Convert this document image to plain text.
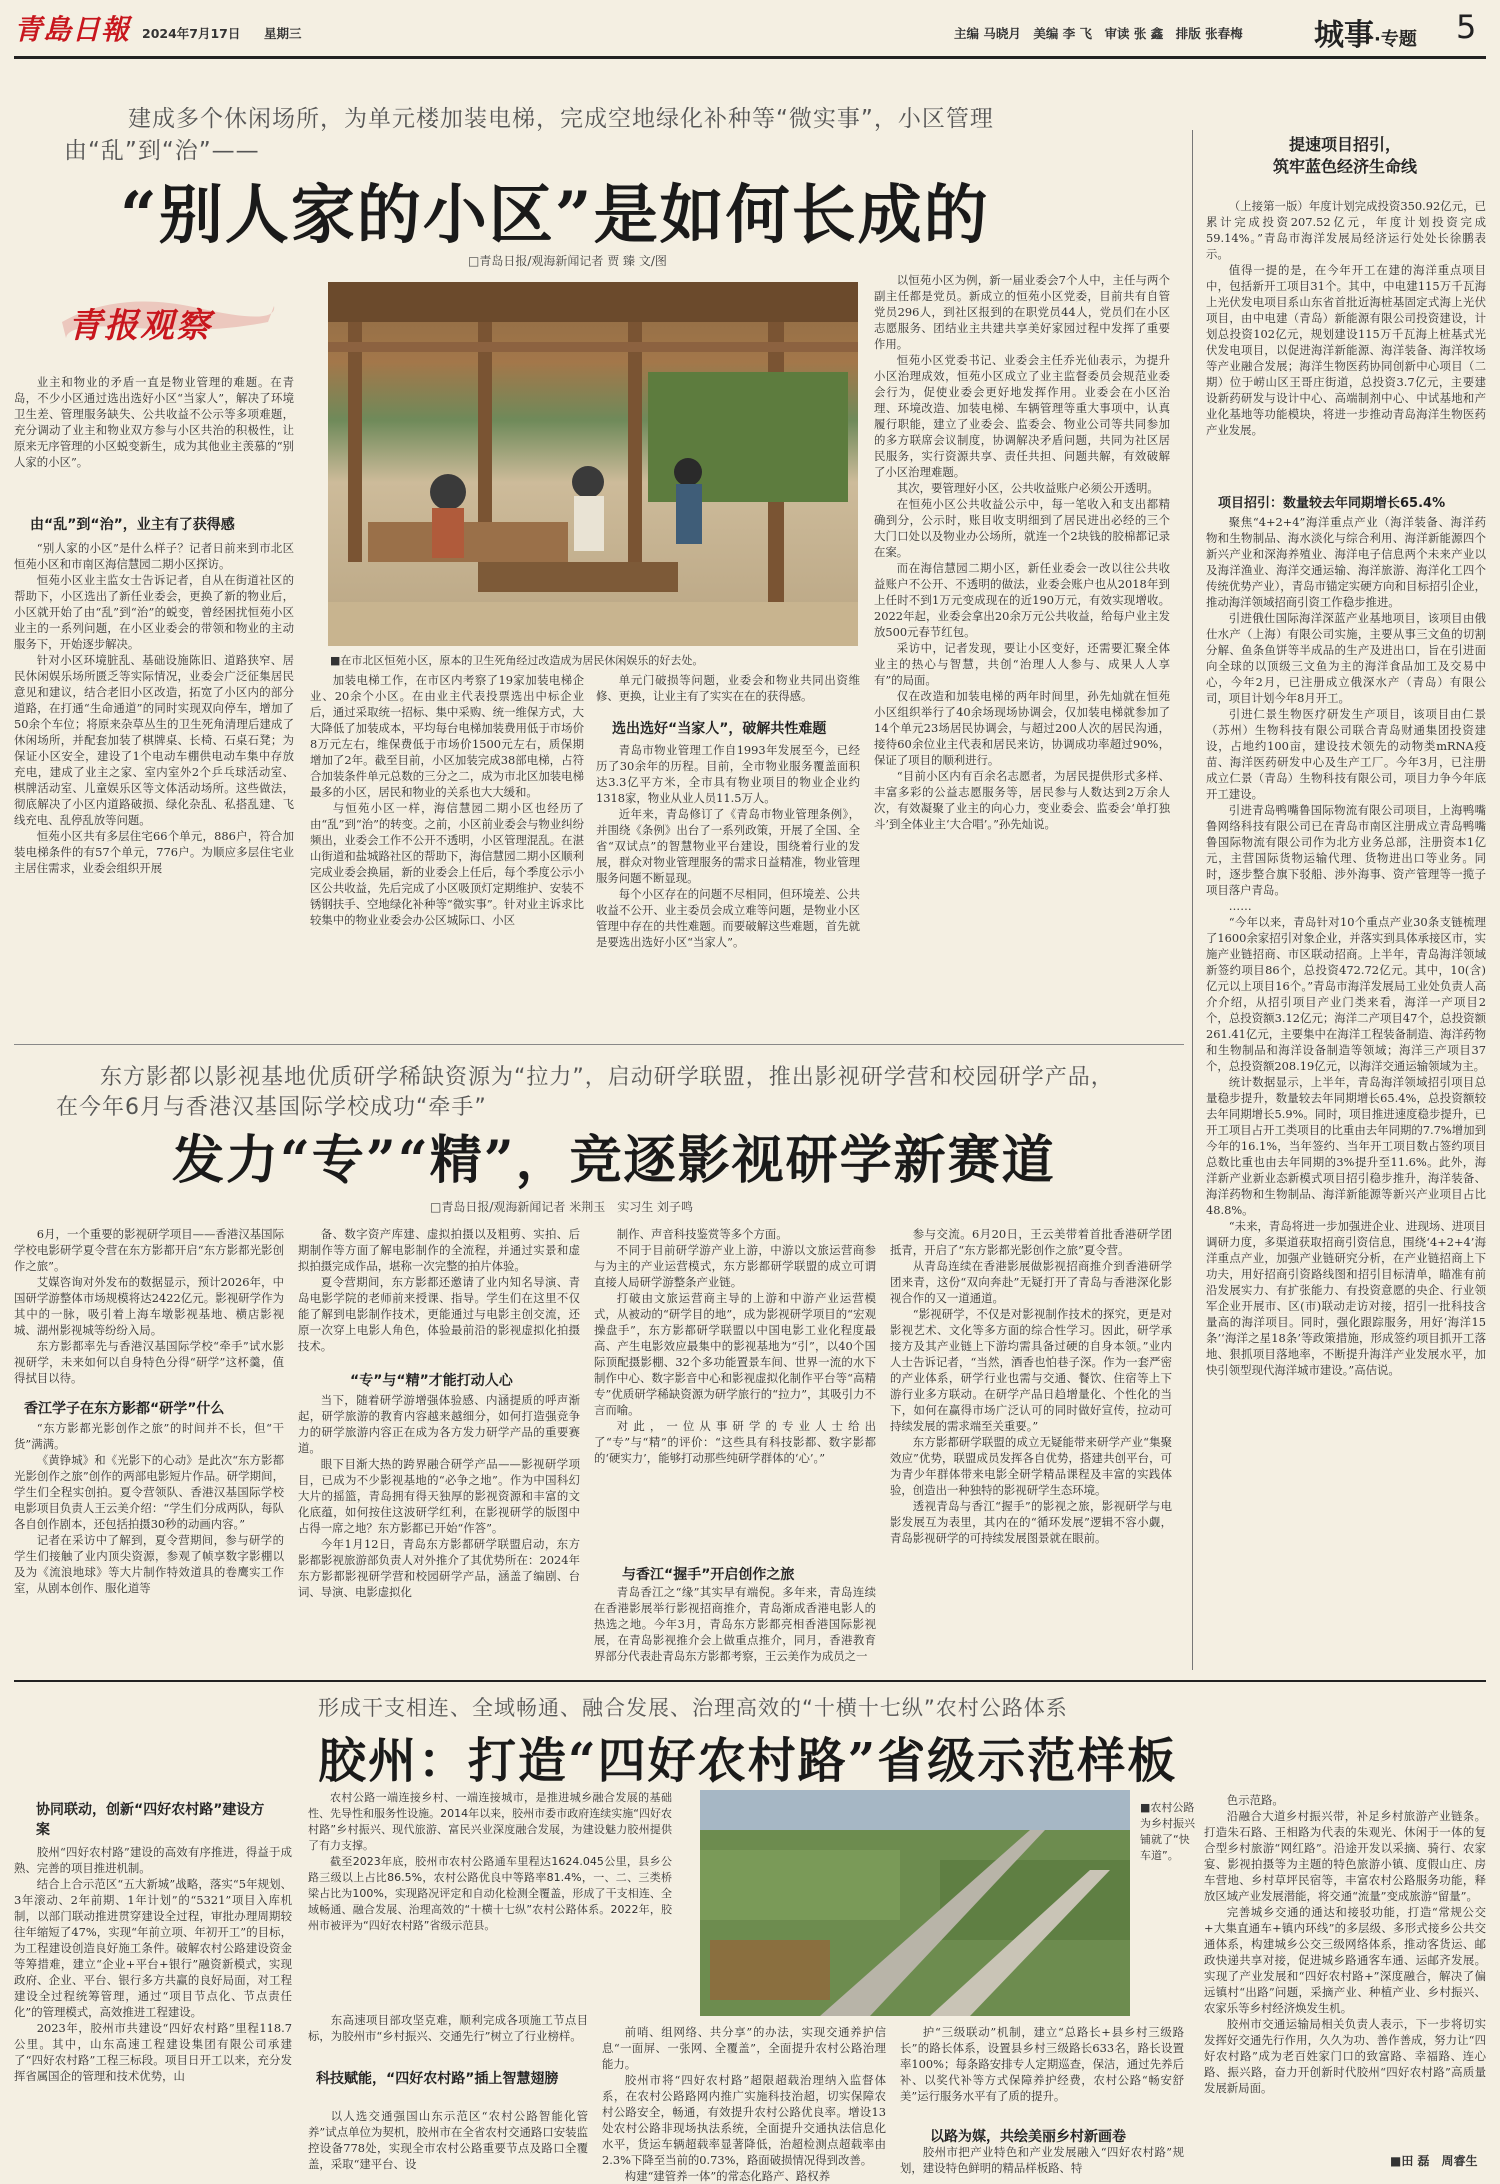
青島日報 2024年7月17日 星期三	主编 马晓月　美编 李 飞　审读 张 鑫　排版 张春梅 城事·专题 5
建成多个休闲场所，为单元楼加装电梯，完成空地绿化补种等“微实事”，小区管理
由“乱”到“治”——
“别人家的小区”是如何长成的
□青岛日报/观海新闻记者 贾 臻 文/图
青报观察

业主和物业的矛盾一直是物业管理的难题。在青岛，不少小区通过选出选好小区“当家人”，解决了环境卫生差、管理服务缺失、公共收益不公示等多项难题，充分调动了业主和物业双方参与小区共治的积极性，让原来无序管理的小区蜕变新生，成为其他业主羡慕的“别人家的小区”。

由“乱”到“治”，业主有了获得感

“别人家的小区”是什么样子？记者日前来到市北区恒苑小区和市南区海信慧园二期小区探访。

恒苑小区业主监女士告诉记者，自从在街道社区的帮助下，小区选出了新任业委会，更换了新的物业后，小区就开始了由“乱”到“治”的蜕变，曾经困扰恒苑小区业主的一系列问题，在小区业委会的带领和物业的主动服务下，开始逐步解决。

针对小区环境脏乱、基础设施陈旧、道路狭窄、居民休闲娱乐场所匮乏等实际情况，业委会广泛征集居民意见和建议，结合老旧小区改造，拓宽了小区内的部分道路，在打通“生命通道”的同时实现双向停车，增加了50余个车位；将原来杂草丛生的卫生死角清理后建成了休闲场所，并配套加装了棋牌桌、长椅、石桌石凳；为保证小区安全，建设了1个电动车棚供电动车集中存放充电，建成了业主之家、室内室外2个乒乓球活动室、棋牌活动室、儿童娱乐区等文体活动场所。这些做法，彻底解决了小区内道路破损、绿化杂乱、私搭乱建、飞线充电、乱停乱放等问题。

恒苑小区共有多层住宅66个单元，886户，符合加装电梯条件的有57个单元，776户。为顺应多层住宅业主居住需求，业委会组织开展

■在市北区恒苑小区，原本的卫生死角经过改造成为居民休闲娱乐的好去处。

加装电梯工作，在市区内考察了19家加装电梯企业、20余个小区。在由业主代表投票选出中标企业后，通过采取统一招标、集中采购、统一维保方式，大大降低了加装成本，平均每台电梯加装费用低于市场价8万元左右，维保费低于市场价1500元左右，质保期增加了2年。截至目前，小区加装完成38部电梯，占符合加装条件单元总数的三分之二，成为市北区加装电梯最多的小区，居民和物业的关系也大大缓和。

与恒苑小区一样，海信慧园二期小区也经历了由“乱”到“治”的转变。之前，小区前业委会与物业纠纷频出，业委会工作不公开不透明，小区管理混乱。在湛山街道和盐城路社区的帮助下，海信慧园二期小区顺利完成业委会换届，新的业委会上任后，每个季度公示小区公共收益，先后完成了小区吸顶灯定期维护、安装不锈钢扶手、空地绿化补种等“微实事”。针对业主诉求比较集中的物业业委会办公区城际口、小区

单元门破损等问题，业委会和物业共同出资维修、更换，让业主有了实实在在的获得感。

选出选好“当家人”，破解共性难题

青岛市物业管理工作自1993年发展至今，已经历了30余年的历程。目前，全市物业服务覆盖面积达3.3亿平方米，全市具有物业项目的物业企业约1318家，物业从业人员11.5万人。

近年来，青岛修订了《青岛市物业管理条例》，并围绕《条例》出台了一系列政策，开展了全国、全省“双试点”的智慧物业平台建设，围绕着行业的发展，群众对物业管理服务的需求日益精准，物业管理服务问题不断显现。

每个小区存在的问题不尽相同，但环境差、公共收益不公开、业主委员会成立难等问题，是物业小区管理中存在的共性难题。而要破解这些难题，首先就是要选出选好小区“当家人”。

以恒苑小区为例，新一届业委会7个人中，主任与两个副主任都是党员。新成立的恒苑小区党委，目前共有自管党员296人，到社区报到的在职党员44人，党员们在小区志愿服务、团结业主共建共享美好家园过程中发挥了重要作用。

恒苑小区党委书记、业委会主任乔光仙表示，为提升小区治理成效，恒苑小区成立了业主监督委员会规范业委会行为，促使业委会更好地发挥作用。业委会在小区治理、环境改造、加装电梯、车辆管理等重大事项中，认真履行职能，建立了业委会、监委会、物业公司等共同参加的多方联席会议制度，协调解决矛盾问题，共同为社区居民服务，实行资源共享、责任共担、问题共解，有效破解了小区治理难题。

其次，要管理好小区，公共收益账户必须公开透明。

在恒苑小区公共收益公示中，每一笔收入和支出都精确到分，公示时，账目收支明细到了居民进出必经的三个大门口处以及物业办公场所，就连一个2块钱的胶棉都记录在案。

而在海信慧园二期小区，新任业委会一改以往公共收益账户不公开、不透明的做法，业委会账户也从2018年到上任时不到1万元变成现在的近190万元，有效实现增收。2022年起，业委会拿出20余万元公共收益，给每户业主发放500元春节红包。

采访中，记者发现，要让小区变好，还需要汇聚全体业主的热心与智慧，共创“治理人人参与、成果人人享有”的局面。

仅在改造和加装电梯的两年时间里，孙先灿就在恒苑小区组织举行了40余场现场协调会，仅加装电梯就参加了14个单元23场居民协调会，与超过200人次的居民沟通，接待60余位业主代表和居民来访，协调成功率超过90%，保证了项目的顺利进行。

“目前小区内有百余名志愿者，为居民提供形式多样、丰富多彩的公益志愿服务等，居民参与人数达到2万余人次，有效凝聚了业主的向心力，变业委会、监委会‘单打独斗’到全体业主‘大合唱’。”孙先灿说。

东方影都以影视基地优质研学稀缺资源为“拉力”，启动研学联盟，推出影视研学营和校园研学产品，
在今年6月与香港汉基国际学校成功“牵手”
发力“专”“精”，竞逐影视研学新赛道
□青岛日报/观海新闻记者 米荆玉　实习生 刘子鸣

6月，一个重要的影视研学项目——香港汉基国际学校电影研学夏令营在东方影都开启“东方影都光影创作之旅”。

艾媒咨询对外发布的数据显示，预计2026年，中国研学游整体市场规模将达2422亿元。影视研学作为其中的一脉，吸引着上海车墩影视基地、横店影视城、湖州影视城等纷纷入局。

东方影都率先与香港汉基国际学校“牵手”试水影视研学，未来如何以自身特色分得“研学”这杯羹，值得拭目以待。

香江学子在东方影都“研学”什么

“东方影都光影创作之旅”的时间并不长，但“干货”满满。

《黄铮城》和《光影下的心动》是此次“东方影都光影创作之旅”创作的两部电影短片作品。研学期间，学生们全程实创拍。夏令营领队、香港汉基国际学校电影项目负责人王云美介绍：“学生们分成两队，每队各自创作剧本，还包括拍摄30秒的动画内容。”

记者在采访中了解到，夏令营期间，参与研学的学生们接触了业内顶尖资源，参观了帧享数字影棚以及为《流浪地球》等大片制作特效道具的卷鹰实工作室，从剧本创作、服化道等

备、数字资产库建、虚拟拍摄以及粗剪、实拍、后期制作等方面了解电影制作的全流程，并通过实景和虚拟拍摄完成作品，堪称一次完整的拍片体验。

夏令营期间，东方影都还邀请了业内知名导演、青岛电影学院的老师前来授课、指导。学生们在这里不仅能了解到电影制作技术，更能通过与电影主创交流，还原一次穿上电影人角色，体验最前沿的影视虚拟化拍摄技术。

“专”与“精”才能打动人心

当下，随着研学游增强体验感、内涵提质的呼声渐起，研学旅游的教育内容越来越细分，如何打造强竞争力的研学旅游内容正在成为各方发力研学产品的重要赛道。

眼下目渐大热的跨界融合研学产品——影视研学项目，已成为不少影视基地的“必争之地”。作为中国科幻大片的摇篮，青岛拥有得天独厚的影视资源和丰富的文化底蕴，如何按住这波研学红利，在影视研学的版图中占得一席之地？东方影都已开始“作答”。

今年1月12日，青岛东方影都研学联盟启动，东方影都影视旅游部负责人对外推介了其优势所在：2024年东方影都影视研学营和校园研学产品，涵盖了编剧、台词、导演、电影虚拟化

制作、声音科技鉴赏等多个方面。

不同于目前研学游产业上游，中游以文旅运营商参与为主的产业运营模式，东方影都研学联盟的成立可谓直接人局研学游整条产业链。

打破由文旅运营商主导的上游和中游产业运营模式，从被动的“研学目的地”，成为影视研学项目的“宏观操盘手”，东方影都研学联盟以中国电影工业化程度最高、产生电影效应最集中的影视基地为“引”，以40个国际顶配摄影棚、32个多功能置景车间、世界一流的水下制作中心、数字影音中心和影视虚拟化制作平台等“高精专”优质研学稀缺资源为研学旅行的“拉力”，其吸引力不言而喻。

对此，一位从事研学的专业人士给出了“专”与“精”的评价：“这些具有科技影都、数字影都的‘硬实力’，能够打动那些纯研学群体的‘心’。”

与香江“握手”开启创作之旅

青岛香江之“缘”其实早有端倪。多年来，青岛连续在香港影展举行影视招商推介，青岛渐成香港电影人的热选之地。今年3月，青岛东方影都亮相香港国际影视展，在青岛影视推介会上做重点推介，同月，香港教育界部分代表赴青岛东方影都考察，王云美作为成员之一

参与交流。6月20日，王云美带着首批香港研学团抵青，开启了“东方影都光影创作之旅”夏令营。

从青岛连续在香港影展做影视招商推介到香港研学团来青，这份“双向奔赴”无疑打开了青岛与香港深化影视合作的又一道通道。

“影视研学，不仅是对影视制作技术的探究，更是对影视艺术、文化等多方面的综合性学习。因此，研学承接方及其产业链上下游均需具备过硬的自身本领。”业内人士告诉记者，“当然，酒香也怕巷子深。作为一套严密的产业体系，研学行业也需与交通、餐饮、住宿等上下游行业多方联动。在研学产品日趋增量化、个性化的当下，如何在赢得市场广泛认可的同时做好宣传，拉动可持续发展的需求端至关重要。”

东方影都研学联盟的成立无疑能带来研学产业“集聚效应”优势，联盟成员发挥各自优势，搭建共创平台，可为青少年群体带来电影全研学精品课程及丰富的实践体验，创造出一种独特的影视研学生态环境。

透视青岛与香江“握手”的影视之旅，影视研学与电影发展互为表里，其内在的“循环发展”逻辑不容小觑，青岛影视研学的可持续发展图景就在眼前。

提速项目招引，
筑牢蓝色经济生命线

（上接第一版）年度计划完成投资350.92亿元，已累计完成投资207.52亿元，年度计划投资完成59.14%。”青岛市海洋发展局经济运行处处长徐鹏表示。

值得一提的是，在今年开工在建的海洋重点项目中，包括新开工项目31个。其中，中电建115万千瓦海上光伏发电项目系山东省首批近海桩基固定式海上光伏项目，由中电建（青岛）新能源有限公司投资建设，计划总投资102亿元，规划建设115万千瓦海上桩基式光伏发电项目，以促进海洋新能源、海洋装备、海洋牧场等产业融合发展；海洋生物医药协同创新中心项目（二期）位于崂山区王哥庄街道，总投资3.7亿元，主要建设新药研发与设计中心、高端制剂中心、中试基地和产业化基地等功能模块，将进一步推动青岛海洋生物医药产业发展。

项目招引：数量较去年同期增长65.4%

聚焦“4+2+4”海洋重点产业（海洋装备、海洋药物和生物制品、海水淡化与综合利用、海洋新能源四个新兴产业和深海养殖业、海洋电子信息两个未来产业以及海洋渔业、海洋交通运输、海洋旅游、海洋化工四个传统优势产业），青岛市锚定实硬方向和目标招引企业，推动海洋领域招商引资工作稳步推进。

引进俄仕国际海洋深蓝产业基地项目，该项目由俄仕水产（上海）有限公司实施，主要从事三文鱼的切割分解、鱼条鱼饼等半成品的生产及进出口，旨在引进面向全球的以顶级三文鱼为主的海洋食品加工及交易中心，今年2月，已注册成立俄深水产（青岛）有限公司，项目计划今年8月开工。

引进仁景生物医疗研发生产项目，该项目由仁景（苏州）生物科技有限公司联合青岛财通集团投资建设，占地约100亩，建设技术领先的动物类mRNA疫苗、海洋医药研发中心及生产工厂。今年3月，已注册成立仁景（青岛）生物科技有限公司，项目力争今年底开工建设。

引进青岛鸭嘴鲁国际物流有限公司项目，上海鸭嘴鲁网络科技有限公司已在青岛市南区注册成立青岛鸭嘴鲁国际物流有限公司作为北方业务总部，注册资本1亿元，主营国际货物运输代理、货物进出口等业务。同时，逐步整合旗下驳船、涉外海事、资产管理等一揽子项目落户青岛。

……

“今年以来，青岛针对10个重点产业30条支链梳理了1600余家招引对象企业，并落实到具体承接区市，实施产业链招商、市区联动招商。上半年，青岛海洋领域新签约项目86个，总投资472.72亿元。其中，10(含)亿元以上项目16个。”青岛市海洋发展局工业处负责人高介介绍，从招引项目产业门类来看，海洋一产项目2个，总投资额3.12亿元；海洋二产项目47个，总投资额261.41亿元，主要集中在海洋工程装备制造、海洋药物和生物制品和海洋设备制造等领域；海洋三产项目37个，总投资额208.19亿元，以海洋交通运输领域为主。

统计数据显示，上半年，青岛海洋领域招引项目总量稳步提升，数量较去年同期增长65.4%，总投资额较去年同期增长5.9%。同时，项目推进速度稳步提升，已开工项目占开工类项目的比重由去年同期的7.7%增加到今年的16.1%，当年签约、当年开工项目数占签约项目总数比重也由去年同期的3%提升至11.6%。此外，海洋新产业新业态新模式项目招引稳步推升，海洋装备、海洋药物和生物制品、海洋新能源等新兴产业项目占比48.8%。

“未来，青岛将进一步加强进企业、进现场、进项目调研力度，多渠道获取招商引资信息，围绕‘4+2+4’海洋重点产业，加强产业链研究分析，在产业链招商上下功夫，用好招商引资路线图和招引目标清单，瞄准有前沿发展实力、有扩张能力、有投资意愿的央企、行业领军企业开展市、区(市)联动走访对接，招引一批科技含量高的海洋项目。同时，强化跟踪服务，用好‘海洋15条’‘海洋之星18条’等政策措施，形成签约项目抓开工落地、狠抓项目落地率，不断提升海洋产业发展水平，加快引领型现代海洋城市建设。”高佶说。

形成干支相连、全域畅通、融合发展、治理高效的“十横十七纵”农村公路体系
胶州：打造“四好农村路”省级示范样板
协同联动，创新“四好农村路”建设方案

胶州“四好农村路”建设的高效有序推进，得益于成熟、完善的项目推进机制。

结合上合示范区“五大新城”战略，落实“5年规划、3年滚动、2年前期、1年计划”的“5321”项目入库机制，以部门联动推进贯穿建设全过程，审批办理周期较往年缩短了47%，实现“年前立项、年初开工”的目标，为工程建设创造良好施工条件。破解农村公路建设资金等筹措难，建立“企业+平台+银行”融资新模式，实现政府、企业、平台、银行多方共赢的良好局面，对工程建设全过程统筹管理，通过“项目节点化、节点责任化”的管理模式，高效推进工程建设。

2023年，胶州市共建设“四好农村路”里程118.7公里。其中，山东高速工程建设集团有限公司承建了“四好农村路”工程三标段。项目日开工以来，充分发挥省属国企的管理和技术优势，山

农村公路一端连接乡村、一端连接城市，是推进城乡融合发展的基础性、先导性和服务性设施。2014年以来，胶州市委市政府连续实施“四好农村路”乡村振兴、现代旅游、富民兴业深度融合发展，为建设魅力胶州提供了有力支撑。

截至2023年底，胶州市农村公路通车里程达1624.045公里，县乡公路三级以上占比86.5%，农村公路优良中等路率81.4%，一、二、三类桥梁占比为100%，实现路况评定和自动化检测全覆盖，形成了干支相连、全域畅通、融合发展、治理高效的“十横十七纵”农村公路体系。2022年，胶州市被评为“四好农村路”省级示范县。

■农村公路为乡村振兴铺就了“快车道”。

东高速项目部攻坚克难，顺利完成各项施工节点目标，为胶州市“乡村振兴、交通先行”树立了行业榜样。

科技赋能，“四好农村路”插上智慧翅膀

以人选交通强国山东示范区“农村公路智能化管养”试点单位为契机，胶州市在全省农村交通路口安装监控设备778处，实现全市农村公路重要节点及路口全覆盖，采取“建平台、设

前哨、组网络、共分享”的办法，实现交通养护信息“一面屏、一张网、全覆盖”，全面提升农村公路治理能力。

胶州市将“四好农村路”超限超载治理纳入监督体系，在农村公路路网内推广实施科技治超，切实保障农村公路安全，畅通，有效提升农村公路优良率。增设13处农村公路非现场执法系统，全面提升交通执法信息化水平，货运车辆超载率显著降低，治超检测点超载率由2.3%下降至当前的0.73%，路面破损情况得到改善。

构建“建管养一体”的常态化路产、路权养

护“三级联动”机制，建立“总路长+县乡村三级路长”的路长体系，设置县乡村三级路长633名，路长设置率100%；每条路安排专人定期巡查，保洁，通过先养后补、以奖代补等方式保障养护经费，农村公路“畅安舒美”运行服务水平有了质的提升。

以路为媒，共绘美丽乡村新画卷

胶州市把产业特色和产业发展融入“四好农村路”规划，建设特色鲜明的精品样板路、特

色示范路。

沿融合大道乡村振兴带，补足乡村旅游产业链条。打造朱石路、王相路为代表的朱观光、休闲于一体的复合型乡村旅游“网红路”。沿途开发以采摘、骑行、农家宴、影视拍摄等为主题的特色旅游小镇、度假山庄、房车营地、乡村草坪民宿等，丰富农村公路服务功能，释放区域产业发展潜能，将交通“流量”变成旅游“留量”。

完善城乡交通的通达和接驳功能，打造“常规公交+大集直通车+镇内环线”的多层级、多形式接乡公共交通体系，构建城乡公交三级网络体系，推动客货运、邮政快递共享对接，促进城乡路通客车通、运邮齐发展。实现了产业发展和“四好农村路+”深度融合，解决了偏远镇村“出路”问题，采摘产业、种植产业、乡村振兴、农家乐等乡村经济焕发生机。

胶州市交通运输局相关负责人表示，下一步将切实发挥好交通先行作用，久久为功、善作善成，努力让“四好农村路”成为老百姓家门口的致富路、幸福路、连心路、振兴路，奋力开创新时代胶州“四好农村路”高质量发展新局面。

■田 磊　周睿生
